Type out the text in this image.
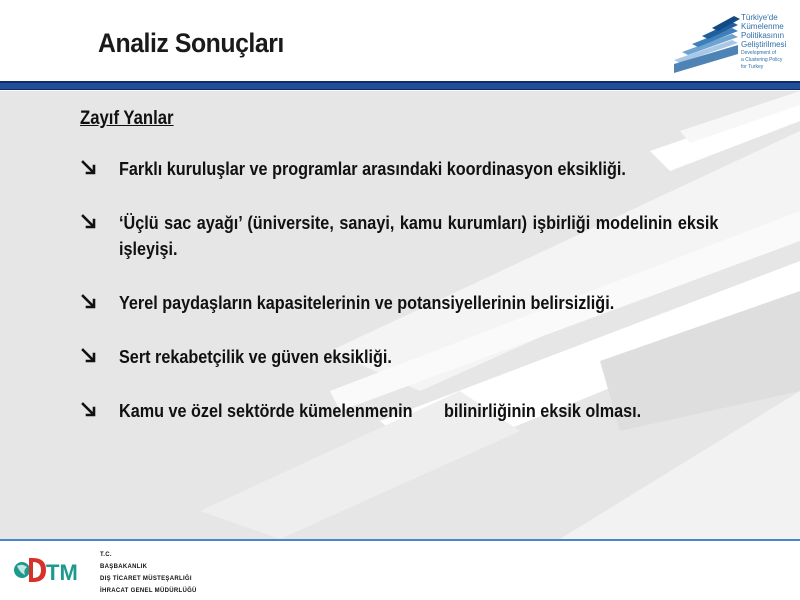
Analiz Sonuçları
Türkiye'de
Kümelenme
Politikasının
Geliştirilmesi
Development of
a Clustering Policy
for Turkey
Zayıf Yanlar
Farklı kuruluşlar ve programlar arasındaki koordinasyon eksikliği.
‘Üçlü sac ayağı’ (üniversite, sanayi, kamu kurumları) işbirliği modelinin eksik işleyişi.
Yerel paydaşların kapasitelerinin ve potansiyellerinin belirsizliği.
Sert rekabetçilik ve güven eksikliği.
Kamu ve özel sektörde kümelenmenin       bilinirliğinin eksik olması.
TM
T.C.
BAŞBAKANLIK
DIŞ TİCARET MÜSTEŞARLIĞI
İHRACAT GENEL MÜDÜRLÜĞÜ
